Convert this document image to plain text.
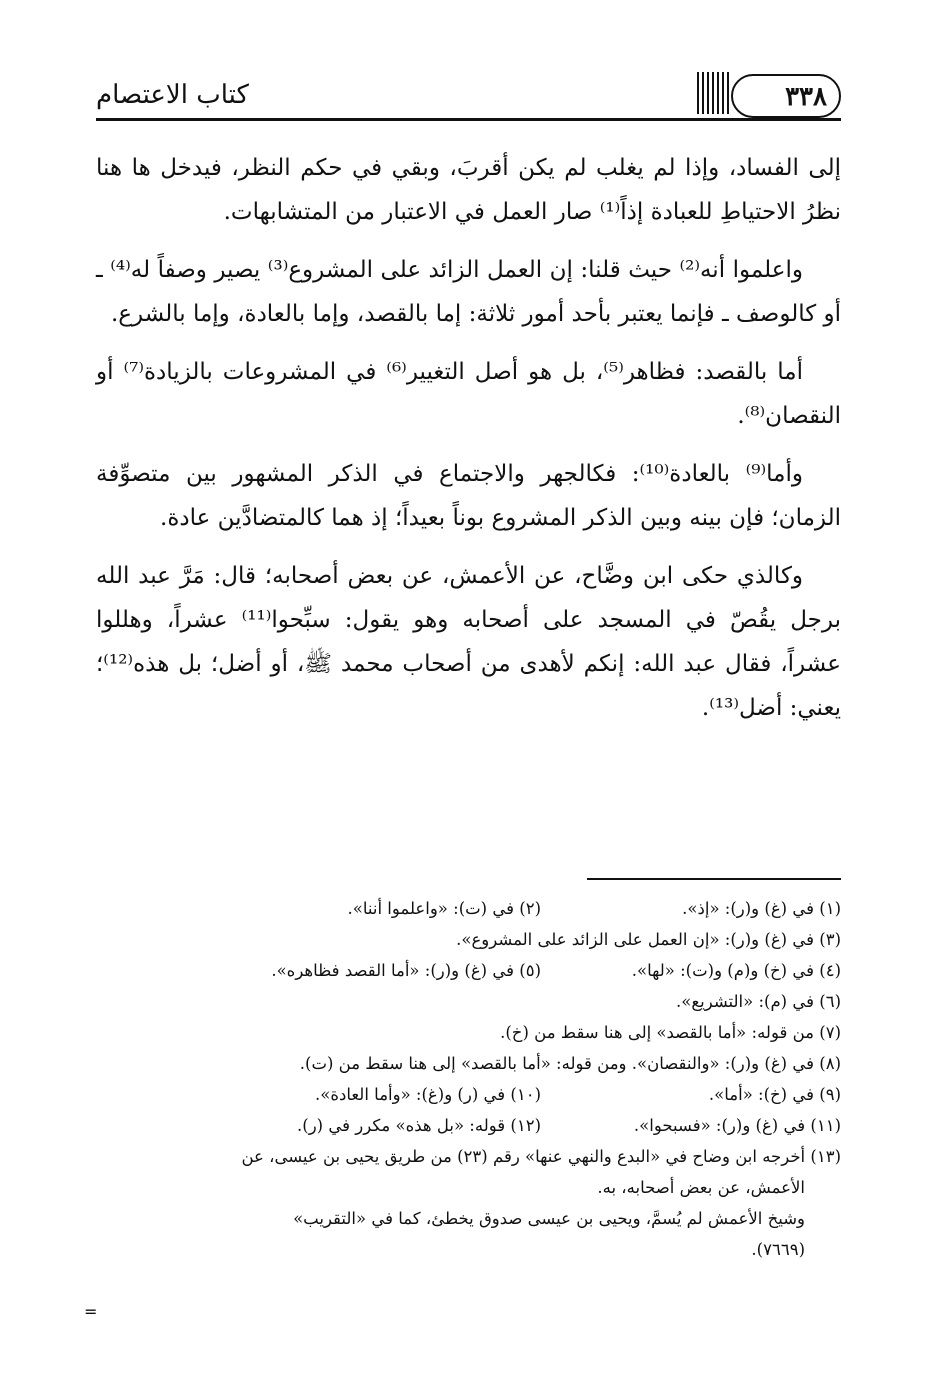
كتاب الاعتصام	٣٣٨

إلى الفساد، وإذا لم يغلب لم يكن أقربَ، وبقي في حكم النظر، فيدخل ها هنا نظرُ الاحتياطِ للعبادة إذاً⁽¹⁾ صار العمل في الاعتبار من المتشابهات.

واعلموا أنه⁽²⁾ حيث قلنا: إن العمل الزائد على المشروع⁽³⁾ يصير وصفاً له⁽⁴⁾ ـ أو كالوصف ـ فإنما يعتبر بأحد أمور ثلاثة: إما بالقصد، وإما بالعادة، وإما بالشرع.

أما بالقصد: فظاهر⁽⁵⁾، بل هو أصل التغيير⁽⁶⁾ في المشروعات بالزيادة⁽⁷⁾ أو النقصان⁽⁸⁾.

وأما⁽⁹⁾ بالعادة⁽¹⁰⁾: فكالجهر والاجتماع في الذكر المشهور بين متصوِّفة الزمان؛ فإن بينه وبين الذكر المشروع بوناً بعيداً؛ إذ هما كالمتضادَّين عادة.

وكالذي حكى ابن وضَّاح، عن الأعمش، عن بعض أصحابه؛ قال: مَرَّ عبد الله برجل يقُصّ في المسجد على أصحابه وهو يقول: سبِّحوا⁽¹¹⁾ عشراً، وهللوا عشراً، فقال عبد الله: إنكم لأهدى من أصحاب محمد ﷺ، أو أضل؛ بل هذه⁽¹²⁾؛ يعني: أضل⁽¹³⁾.

(١) في (غ) و(ر): «إذ».
(٢) في (ت): «واعلموا أننا».
(٣) في (غ) و(ر): «إن العمل على الزائد على المشروع».
(٤) في (خ) و(م) و(ت): «لها».
(٥) في (غ) و(ر): «أما القصد فظاهره».
(٦) في (م): «التشريع».
(٧) من قوله: «أما بالقصد» إلى هنا سقط من (خ).
(٨) في (غ) و(ر): «والنقصان». ومن قوله: «أما بالقصد» إلى هنا سقط من (ت).
(٩) في (خ): «أما».
(١٠) في (ر) و(غ): «وأما العادة».
(١١) في (غ) و(ر): «فسبحوا».
(١٢) قوله: «بل هذه» مكرر في (ر).
(١٣) أخرجه ابن وضاح في «البدع والنهي عنها» رقم (٢٣) من طريق يحيى بن عيسى، عن
الأعمش، عن بعض أصحابه، به.
وشيخ الأعمش لم يُسمَّ، ويحيى بن عيسى صدوق يخطئ، كما في «التقريب»
(٧٦٦٩).
=
